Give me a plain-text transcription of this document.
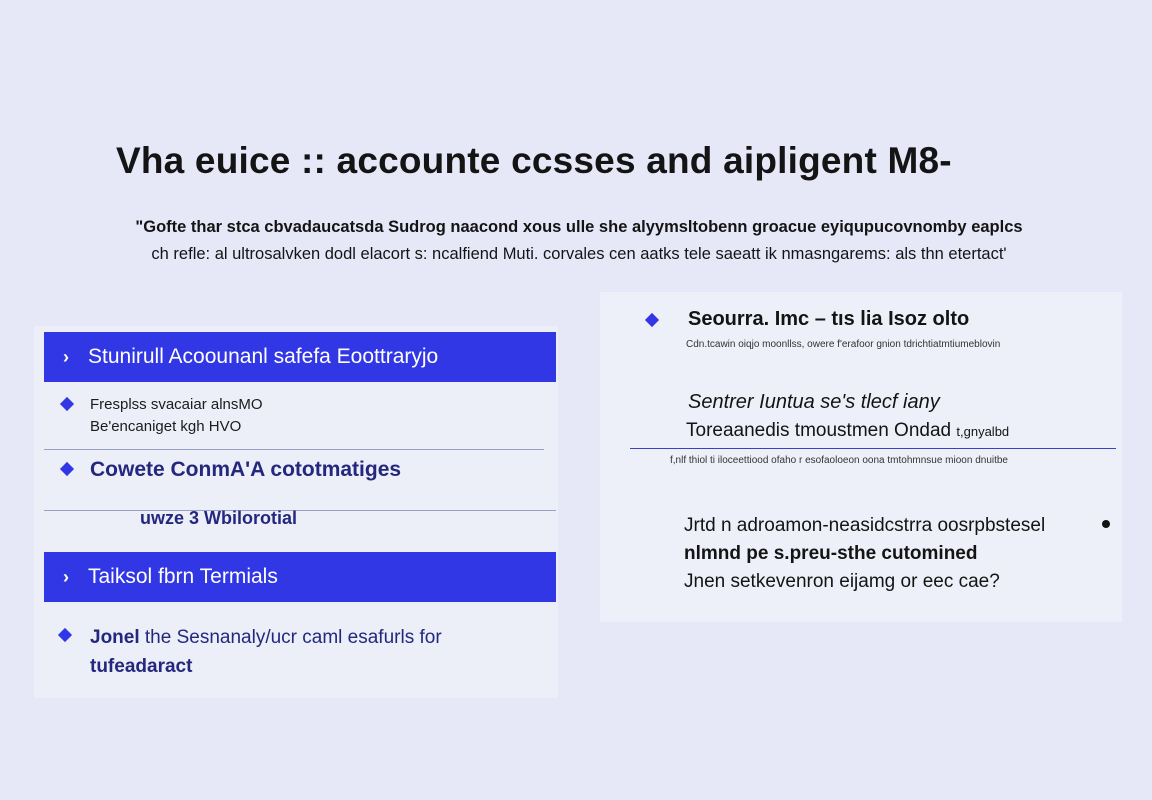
Vha euice :: accounte ccsses and aipligent M8-
"Gofte thar stca cbvadaucatsda Sudrog naacond xous ulle she alyymsltobenn groacue eyiqupucovnomby eaplcs
ch refle: al ultrosalvken dodl elacort s: ncalfiend Muti. corvales cen aatks tele saeatt ik nmasngarems: als thn etertact'
› Stunirull Acoounanl safefa Eoottraryjo
Fresplss svacaiar alnsMO
Be'encaniget kgh HVO
Cowete ConmA'A cototmatiges
uwze 3 Wbilorotial
› Taiksol fbrn Termials
Jonel the Sesnanaly/ucr caml esafurls for
tufeadaract
Seourra. Imc – tıs lia Isoz olto
Cdn.tcawin oiqjo moonllss, owere f'erafoor gnion tdrichtiatmtiumeblovin
Sentrer Iuntua se's tlecf iany
Toreaanedis tmoustmen Ondad t,gnyalbd
f,nlf thiol ti iloceettiood ofaho r esofaoloeon oona tmtohmnsue mioon dnuitbe
Jrtd n adroamon-neasidcstrra oosrpbstesel
nlmnd pe s.preu-sthe cutomined
Jnen setkevenron eijamg or eec cae?
